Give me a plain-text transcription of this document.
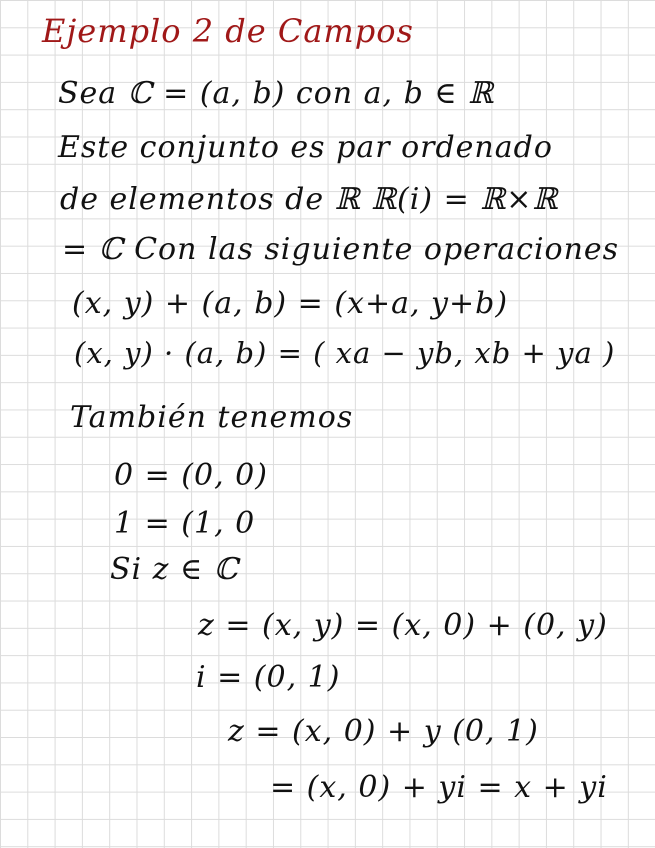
Ejemplo 2 de Campos
Sea ℂ = (a, b) con a, b ∈ ℝ
Este conjunto es par ordenado
de elementos de ℝ ℝ(i) = ℝ×ℝ
= ℂ Con las siguiente operaciones
(x, y) + (a, b) = (x+a, y+b)
(x, y) · (a, b) = ( xa − yb, xb + ya )
También tenemos
0 = (0, 0)
1 = (1, 0
Si z ∈ ℂ
z = (x, y) = (x, 0) + (0, y)
i = (0, 1)
z = (x, 0) + y (0, 1)
= (x, 0) + yi = x + yi
